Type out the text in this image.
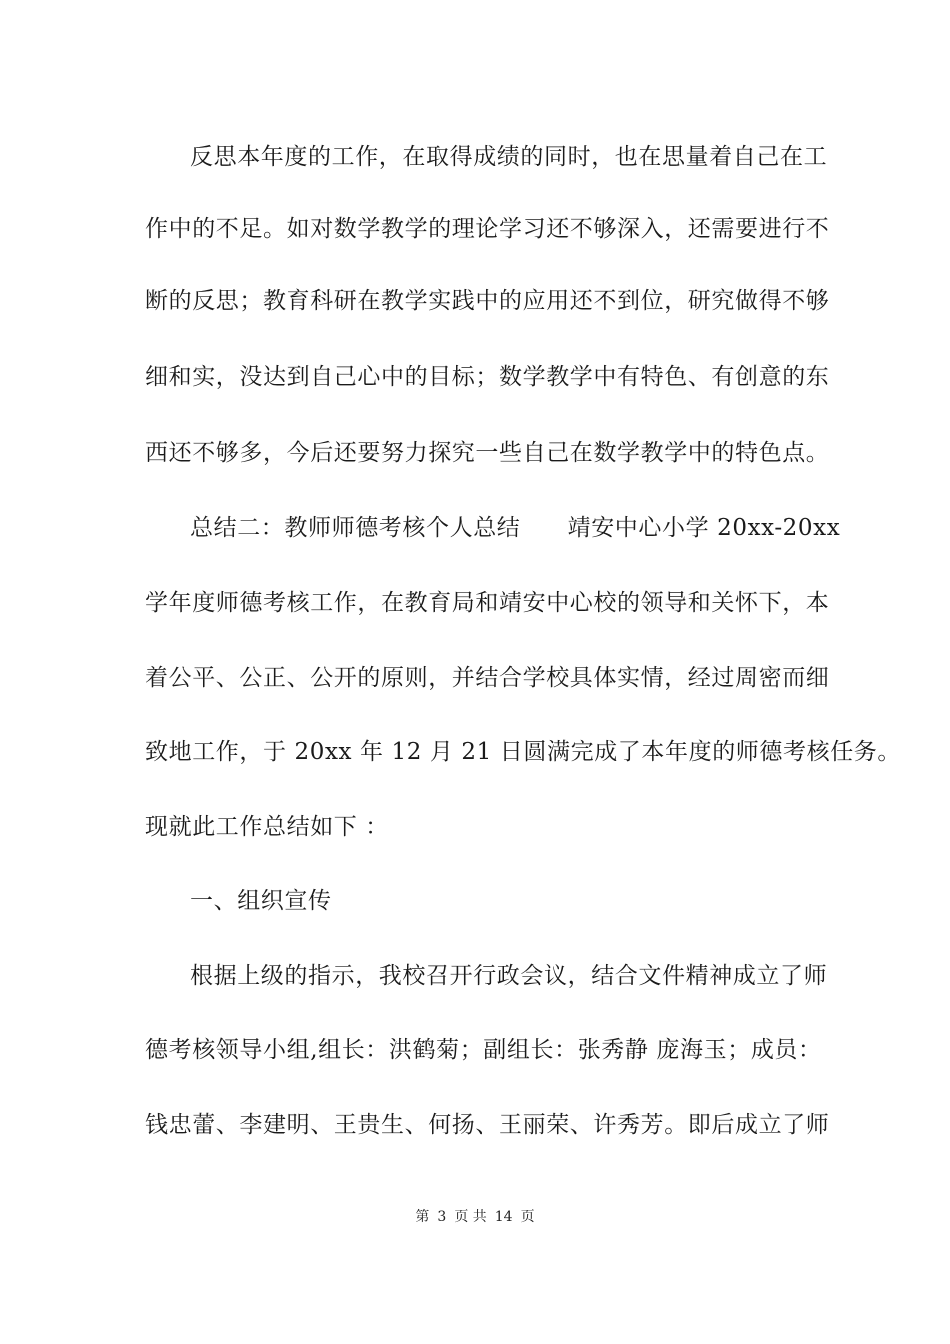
反思本年度的工作，在取得成绩的同时，也在思量着自己在工
作中的不足。如对数学教学的理论学习还不够深入，还需要进行不
断的反思；教育科研在教学实践中的应用还不到位，研究做得不够
细和实，没达到自己心中的目标；数学教学中有特色、有创意的东
西还不够多，今后还要努力探究一些自己在数学教学中的特色点。
总结二：教师师德考核个人总结　　靖安中心小学 20xx-20xx
学年度师德考核工作，在教育局和靖安中心校的领导和关怀下，本
着公平、公正、公开的原则，并结合学校具体实情，经过周密而细
致地工作，于 20xx 年 12 月 21 日圆满完成了本年度的师德考核任务。
现就此工作总结如下 ：
一、组织宣传
根据上级的指示，我校召开行政会议，结合文件精神成立了师
德考核领导小组,组长：洪鹤菊；副组长：张秀静 庞海玉；成员：
钱忠蕾、李建明、王贵生、何扬、王丽荣、许秀芳。即后成立了师
第 3 页 共 14 页
